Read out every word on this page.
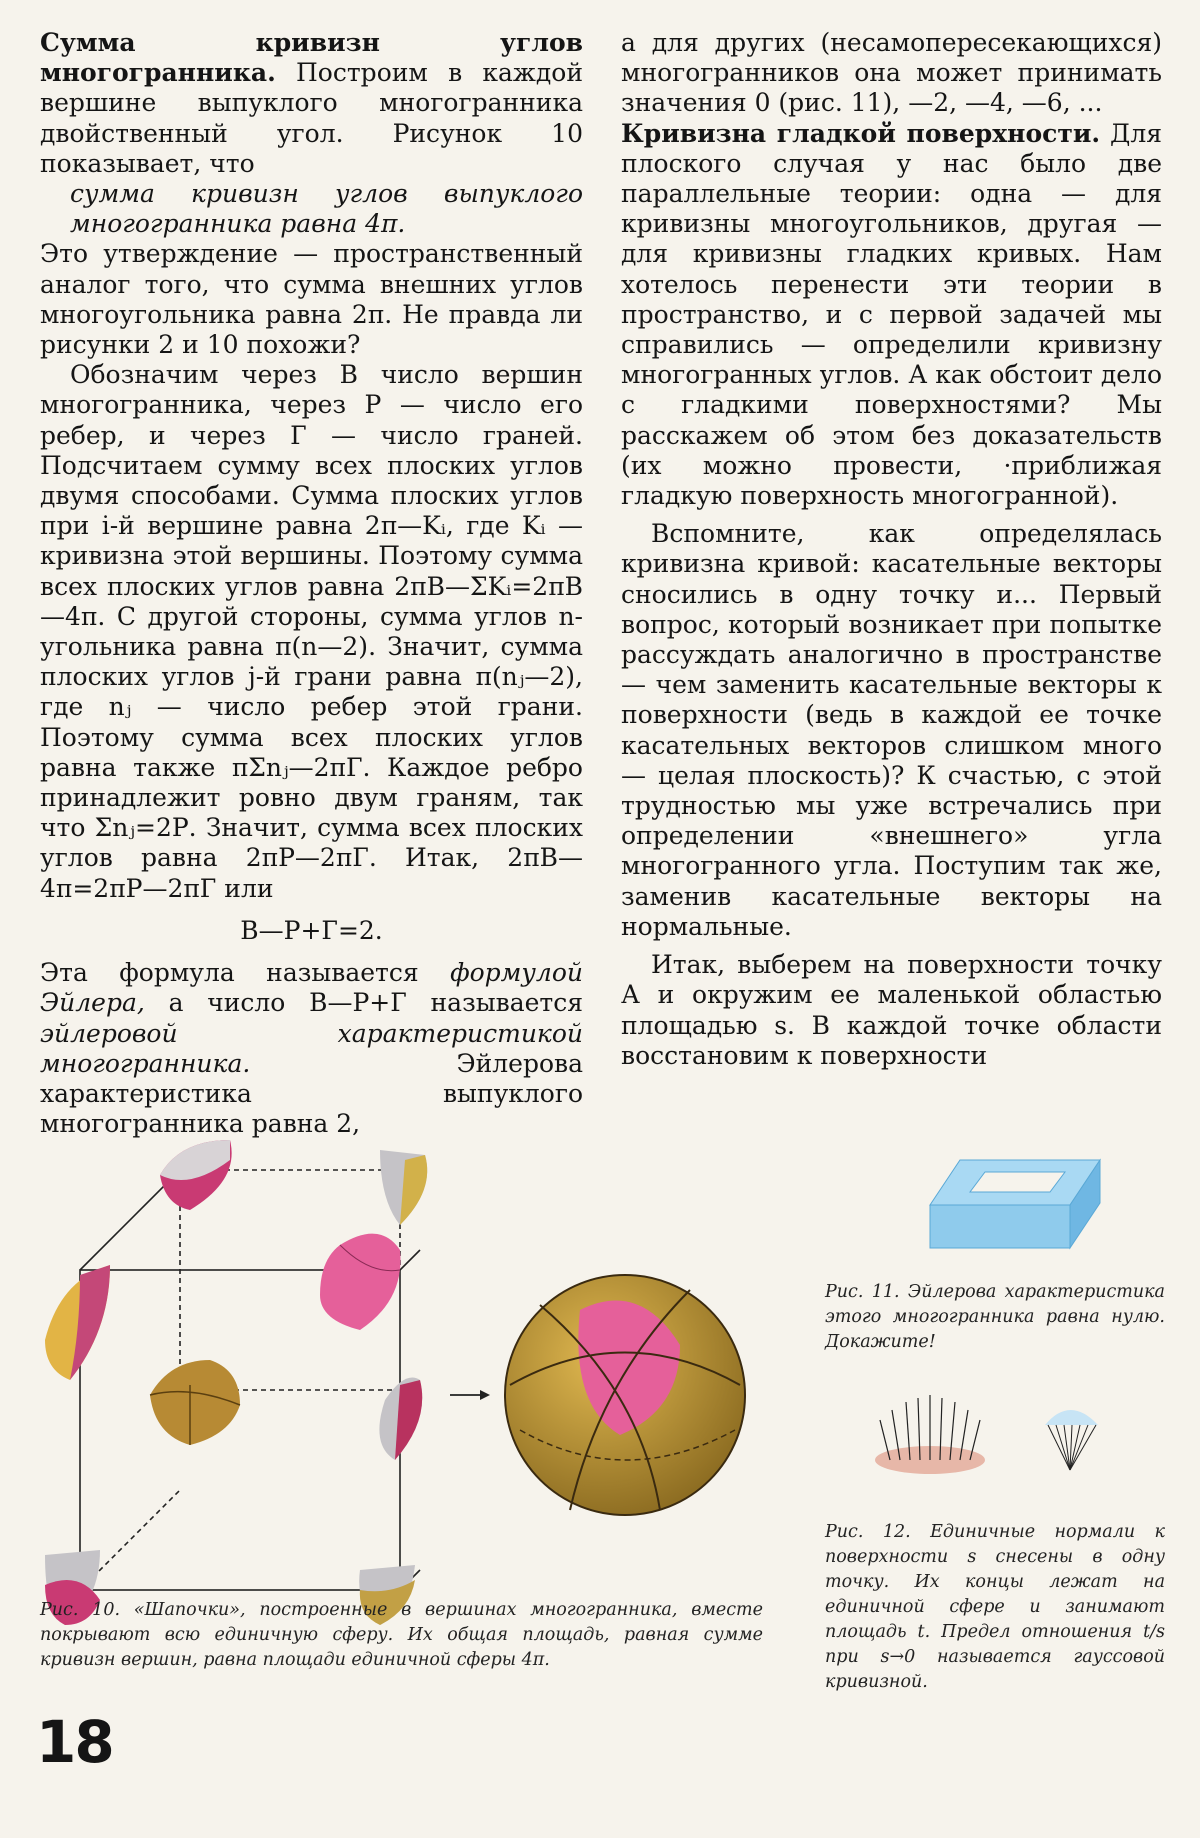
Сумма кривизн углов многогранника. Построим в каждой вершине выпуклого многогранника двойственный угол. Рисунок 10 показывает, что

сумма кривизн углов выпуклого многогранника равна 4π.

Это утверждение — пространственный аналог того, что сумма внешних углов многоугольника равна 2π. Не правда ли рисунки 2 и 10 похожи?

Обозначим через В число вершин многогранника, через Р — число его ребер, и через Г — число граней. Подсчитаем сумму всех плоских углов двумя способами. Сумма плоских углов при i-й вершине равна 2π—Kᵢ, где Kᵢ — кривизна этой вершины. Поэтому сумма всех плоских углов равна 2πB—ΣKᵢ=2πB—4π. С другой стороны, сумма углов n-угольника равна π(n—2). Значит, сумма плоских углов j-й грани равна π(nⱼ—2), где nⱼ — число ребер этой грани. Поэтому сумма всех плоских углов равна также πΣnⱼ—2πГ. Каждое ребро принадлежит ровно двум граням, так что Σnⱼ=2Р. Значит, сумма всех плоских углов равна 2πР—2πГ. Итак, 2πВ—4π=2πР—2πГ или

В—Р+Г=2.

Эта формула называется формулой Эйлера, а число В—Р+Г называется эйлеровой характеристикой многогранника.	Эйлерова характеристика выпуклого многогранника равна 2,

а для других (несамопересекающихся) многогранников она может принимать значения 0 (рис. 11), —2, —4, —6, ...

Кривизна гладкой поверхности. Для плоского случая у нас было две параллельные теории: одна — для кривизны многоугольников, другая — для кривизны гладких кривых. Нам хотелось перенести эти теории в пространство, и с первой задачей мы справились — определили кривизну многогранных углов. А как обстоит дело с гладкими поверхностями? Мы расскажем об этом без доказательств (их можно провести, ·приближая гладкую поверхность многогранной).

Вспомните, как определялась кривизна кривой: касательные векторы сносились в одну точку и... Первый вопрос, который возникает при попытке рассуждать аналогично в пространстве — чем заменить касательные векторы к поверхности (ведь в каждой ее точке касательных векторов слишком много — целая плоскость)? К счастью, с этой трудностью мы уже встречались при определении «внешнего» угла многогранного угла. Поступим так же, заменив касательные векторы на нормальные.

Итак, выберем на поверхности точку А и окружим ее маленькой областью площадью s. В каждой точке области восстановим к поверхности

Рис. 10. «Шапочки», построенные в вершинах многогранника, вместе покрывают всю единичную сферу. Их общая площадь, равная сумме кривизн вершин, равна площади единичной сферы 4π.
Рис. 11. Эйлерова характеристика этого многогранника равна нулю. Докажите!
Рис. 12. Единичные нормали к поверхности s снесены в одну точку. Их концы лежат на единичной сфере и занимают площадь t. Предел отношения t/s при s→0 называется гауссовой кривизной.
18
